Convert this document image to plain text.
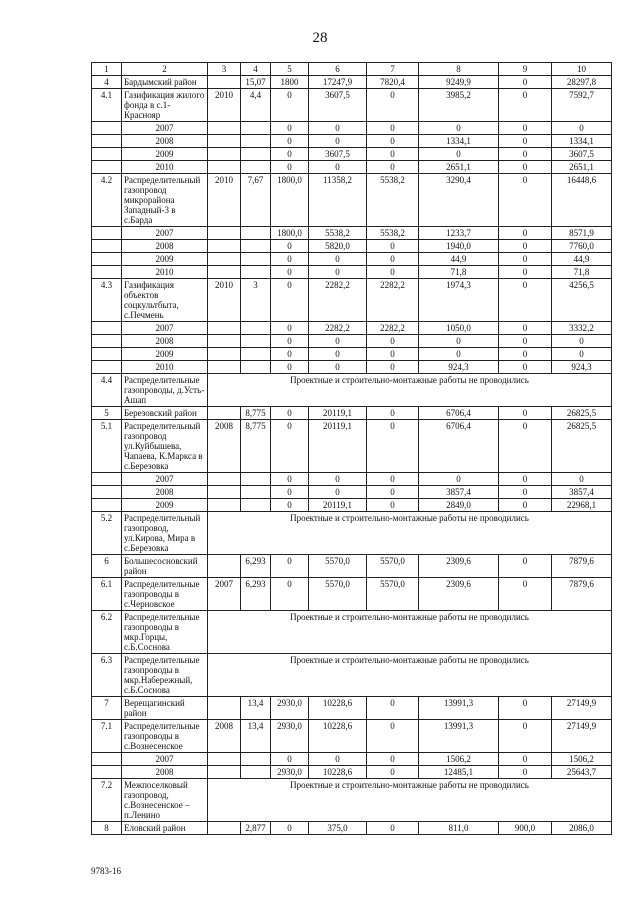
28
1	2	3	4	5	6	7	8	9	10
4	Бардымский район		15,07	1800	17247,9	7820,4	9249,9	0	28297,8
4.1	Газификация жилого фонда в с.1-Краснояр	2010	4,4	0	3607,5	0	3985,2	0	7592,7
	2007			0	0	0	0	0	0
	2008			0	0	0	1334,1	0	1334,1
	2009			0	3607,5	0	0	0	3607,5
	2010			0	0	0	2651,1	0	2651,1
4.2	Распределительный газопровод микрорайона Западный-3 в с.Барда	2010	7,67	1800,0	11358,2	5538,2	3290,4	0	16448,6
	2007			1800,0	5538,2	5538,2	1233,7	0	8571,9
	2008			0	5820,0	0	1940,0	0	7760,0
	2009			0	0	0	44,9	0	44,9
	2010			0	0	0	71,8	0	71,8
4.3	Газификация объектов соцкультбыта, с.Печмень	2010	3	0	2282,2	2282,2	1974,3	0	4256,5
	2007			0	2282,2	2282,2	1050,0	0	3332,2
	2008			0	0	0	0	0	0
	2009			0	0	0	0	0	0
	2010			0	0	0	924,3	0	924,3
4.4	Распределительные газопроводы, д.Усть-Ашап	Проектные и строительно-монтажные работы не проводились							
5	Березовский район		8,775	0	20119,1	0	6706,4	0	26825,5
5.1	Распределительный газопровод ул.Куйбышева, Чапаева, К.Маркса в с.Березовка	2008	8,775	0	20119,1	0	6706,4	0	26825,5
	2007			0	0	0	0	0	0
	2008			0	0	0	3857,4	0	3857,4
	2009			0	20119,1	0	2849,0	0	22968,1
5.2	Распределительный газопровод, ул.Кирова, Мира в с.Березовка	Проектные и строительно-монтажные работы не проводились							
6	Большесосновский район		6,293	0	5570,0	5570,0	2309,6	0	7879,6
6.1	Распределительные газопроводы в с.Черновское	2007	6,293	0	5570,0	5570,0	2309,6	0	7879,6
6.2	Распределительные газопроводы в мкр.Горцы, с.Б.Соснова	Проектные и строительно-монтажные работы не проводились							
6.3	Распределительные газопроводы в мкр.Набережный, с.Б.Соснова	Проектные и строительно-монтажные работы не проводились							
7	Верещагинский район		13,4	2930,0	10228,6	0	13991,3	0	27149,9
7.1	Распределительные газопроводы в с.Вознесенское	2008	13,4	2930,0	10228,6	0	13991,3	0	27149,9
	2007			0	0	0	1506,2	0	1506,2
	2008			2930,0	10228,6	0	12485,1	0	25643,7
7.2	Межпоселковый газопровод, с.Вознесенское – п.Ленино	Проектные и строительно-монтажные работы не проводились							
8	Еловский район		2,877	0	375,0	0	811,0	900,0	2086,0
9783-16
